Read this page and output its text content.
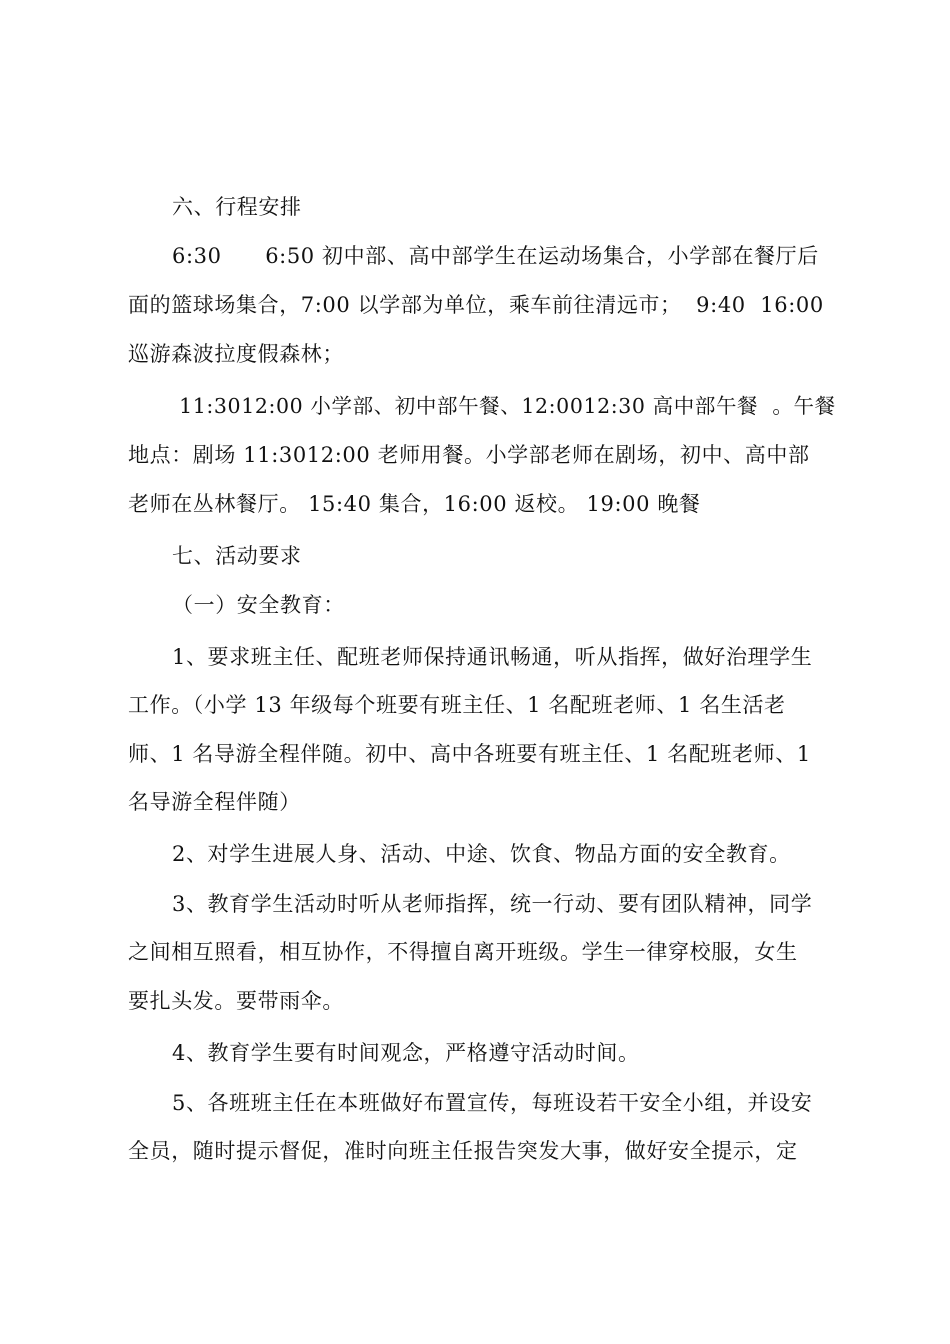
六、行程安排
6:30      6:50 初中部、高中部学生在运动场集合，小学部在餐厅后
面的篮球场集合，7:00 以学部为单位，乘车前往清远市；  9:40  16:00
巡游森波拉度假森林；
11:3012:00 小学部、初中部午餐、12:0012:30 高中部午餐  。午餐
地点：剧场 11:3012:00 老师用餐。小学部老师在剧场，初中、高中部
老师在丛林餐厅。 15:40 集合，16:00 返校。 19:00 晚餐
七、活动要求
（一）安全教育：
1、要求班主任、配班老师保持通讯畅通，听从指挥，做好治理学生
工作。（小学 13 年级每个班要有班主任、1 名配班老师、1 名生活老
师、1 名导游全程伴随。初中、高中各班要有班主任、1 名配班老师、1
名导游全程伴随）
2、对学生进展人身、活动、中途、饮食、物品方面的安全教育。
3、教育学生活动时听从老师指挥，统一行动、要有团队精神，同学
之间相互照看，相互协作，不得擅自离开班级。学生一律穿校服，女生
要扎头发。要带雨伞。
4、教育学生要有时间观念，严格遵守活动时间。
5、各班班主任在本班做好布置宣传，每班设若干安全小组，并设安
全员，随时提示督促，准时向班主任报告突发大事，做好安全提示，定
